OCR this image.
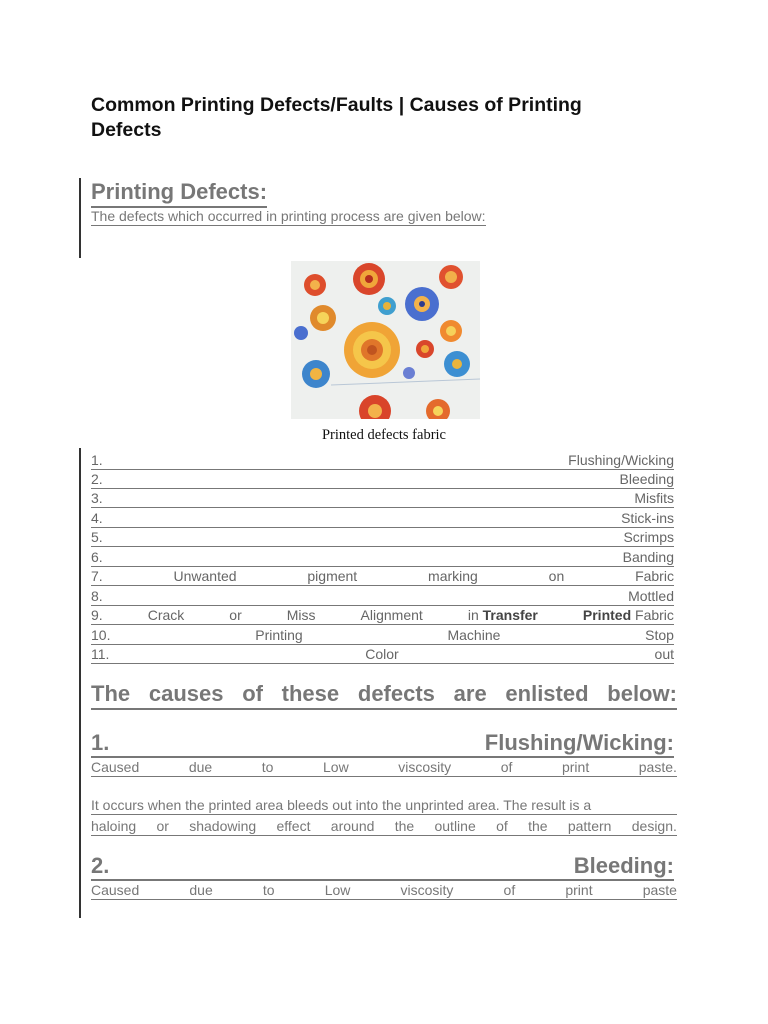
Common Printing Defects/Faults | Causes of Printing
Defects
Printing Defects:
The defects which occurred in printing process are given below:
Printed defects fabric
1.	Flushing/Wicking
2.	Bleeding
3.	Misfits
4.	Stick-ins
5.	Scrimps
6.	Banding
7.	Unwanted	pigment	marking	on	Fabric
8.	Mottled
9.	Crack	or	Miss	Alignment	in Transfer	Printed Fabric
10.	Printing	Machine	Stop
11.	Color	out
The causes of these defects are enlisted below:
1.	Flushing/Wicking:
Caused	due	to	Low	viscosity	of	print	paste.
It occurs when the printed area bleeds out into the unprinted area. The result is a
haloing or shadowing effect around the outline of the pattern design.
2.	Bleeding:
Caused	due	to	Low	viscosity	of	print	paste
